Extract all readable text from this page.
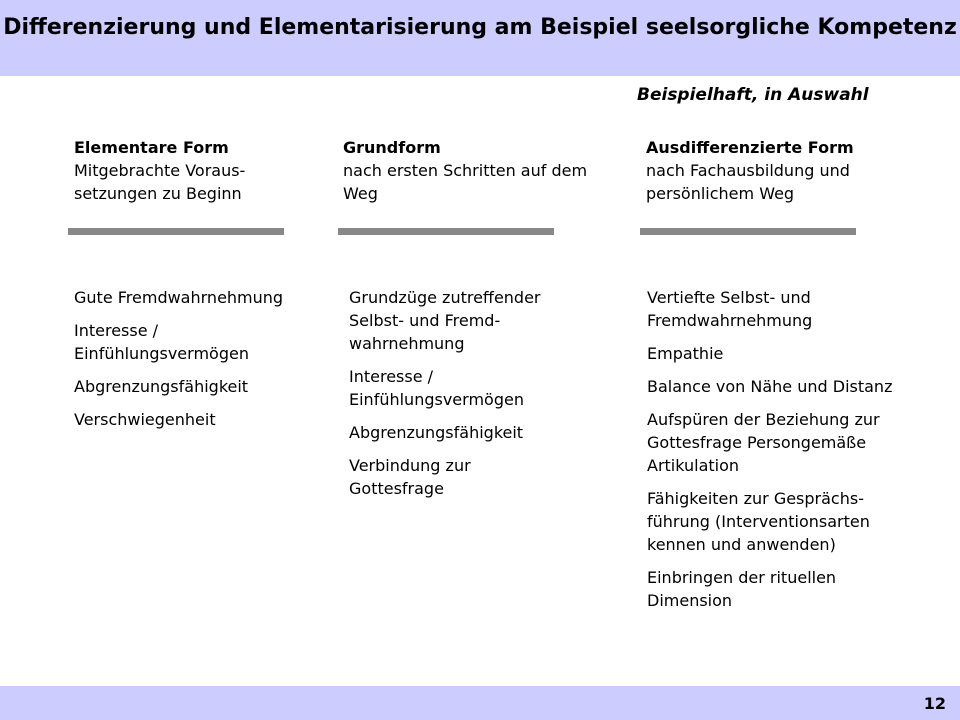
Differenzierung und Elementarisierung am Beispiel seelsorgliche Kompetenz
Beispielhaft, in Auswahl
Elementare Form
Mitgebrachte Voraus- setzungen zu Beginn
Gute Fremdwahrnehmung
Interesse / Einfühlungsvermögen
Abgrenzungsfähigkeit
Verschwiegenheit
Grundform
nach ersten Schritten auf dem Weg
Grundzüge zutreffender Selbst- und Fremd- wahrnehmung
Interesse / Einfühlungsvermögen
Abgrenzungsfähigkeit
Verbindung zur Gottesfrage
Ausdifferenzierte Form
nach Fachausbildung und persönlichem Weg
Vertiefte Selbst- und Fremdwahrnehmung
Empathie
Balance von Nähe und Distanz
Aufspüren der Beziehung zur Gottesfrage Persongemäße Artikulation
Fähigkeiten zur Gesprächs- führung (Interventionsarten kennen und anwenden)
Einbringen der rituellen Dimension
12
